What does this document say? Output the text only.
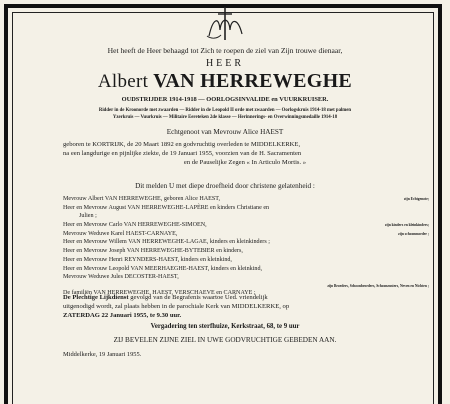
Het heeft de Heer behaagd tot Zich te roepen de ziel van Zijn trouwe dienaar,
HEER
Albert VAN HERREWEGHE
OUDSTRIJDER 1914-1918 — OORLOGSINVALIDE en VUURKRUISER.
Ridder in de Kroonorde met zwaarden — Ridder in de Leopold II orde met zwaarden — Oorlogskruis 1914-18 met palmen
Yzerkruis — Vuurkruis — Militaire Eereteken 2de klasse — Herinnerings- en Overwinningsmedaille 1914-18
Echtgenoot van Mevrouw Alice HAEST
geboren te KORTRIJK, de 20 Maart 1892 en godvruchtig overleden te MIDDELKERKE,
na een langdurige en pijnlijke ziekte, de 19 Januari 1955, voorzien van de H. Sacramenten
en de Pauselijke Zegen « In Articulo Mortis. »
Dit melden U met diepe droefheid door christene gelatenheid :
Mevrouw Albert VAN HERREWEGHE, geboren Alice HAEST,	zijn Echtgenote;
Heer en Mevrouw August VAN HERREWEGHE-LAPÈRE en kinders Christiane en
Julien ;
Heer en Mevrouw Carlo VAN HERREWEGHE-SIMOEN,	zijn kinders en kleinkinders;
Mevrouw Weduwe Karel HAEST-CARNAYE,	zijn schoonmoeder ;
Heer en Mevrouw Willem VAN HERREWEGHE-LAGAE, kinders en kleinkinders ;
Heer en Mevrouw Joseph VAN HERREWEGHE-BYTEBIER en kinders,
Heer en Mevrouw Henri REYNDERS-HAEST, kinders en kleinkind,
Heer en Mevrouw Leopold VAN MEERHAEGHE-HAEST, kinders en kleinkind,
Mevrouw Weduwe Jules DECOSTER-HAEST,
zijn Broeders, Schoonbroeders, Schoonzusters, Neven en Nichten ;
De familiën VAN HERREWEGHE, HAEST, VERSCHAEVE en CARNAYE ;
De Plechtige Lijkdienst gevolgd van de Begrafenis waartoe Ued. vriendelijk
uitgenodigd wordt, zal plaats hebben in de parochiale Kerk van MIDDELKERKE, op
ZATERDAG 22 Januari 1955, te 9.30 uur.
Vergadering ten sterfhuize, Kerkstraat, 68, te 9 uur
ZIJ BEVELEN ZIJNE ZIEL IN UWE GODVRUCHTIGE GEBEDEN AAN.
Middelkerke, 19 Januari 1955.
